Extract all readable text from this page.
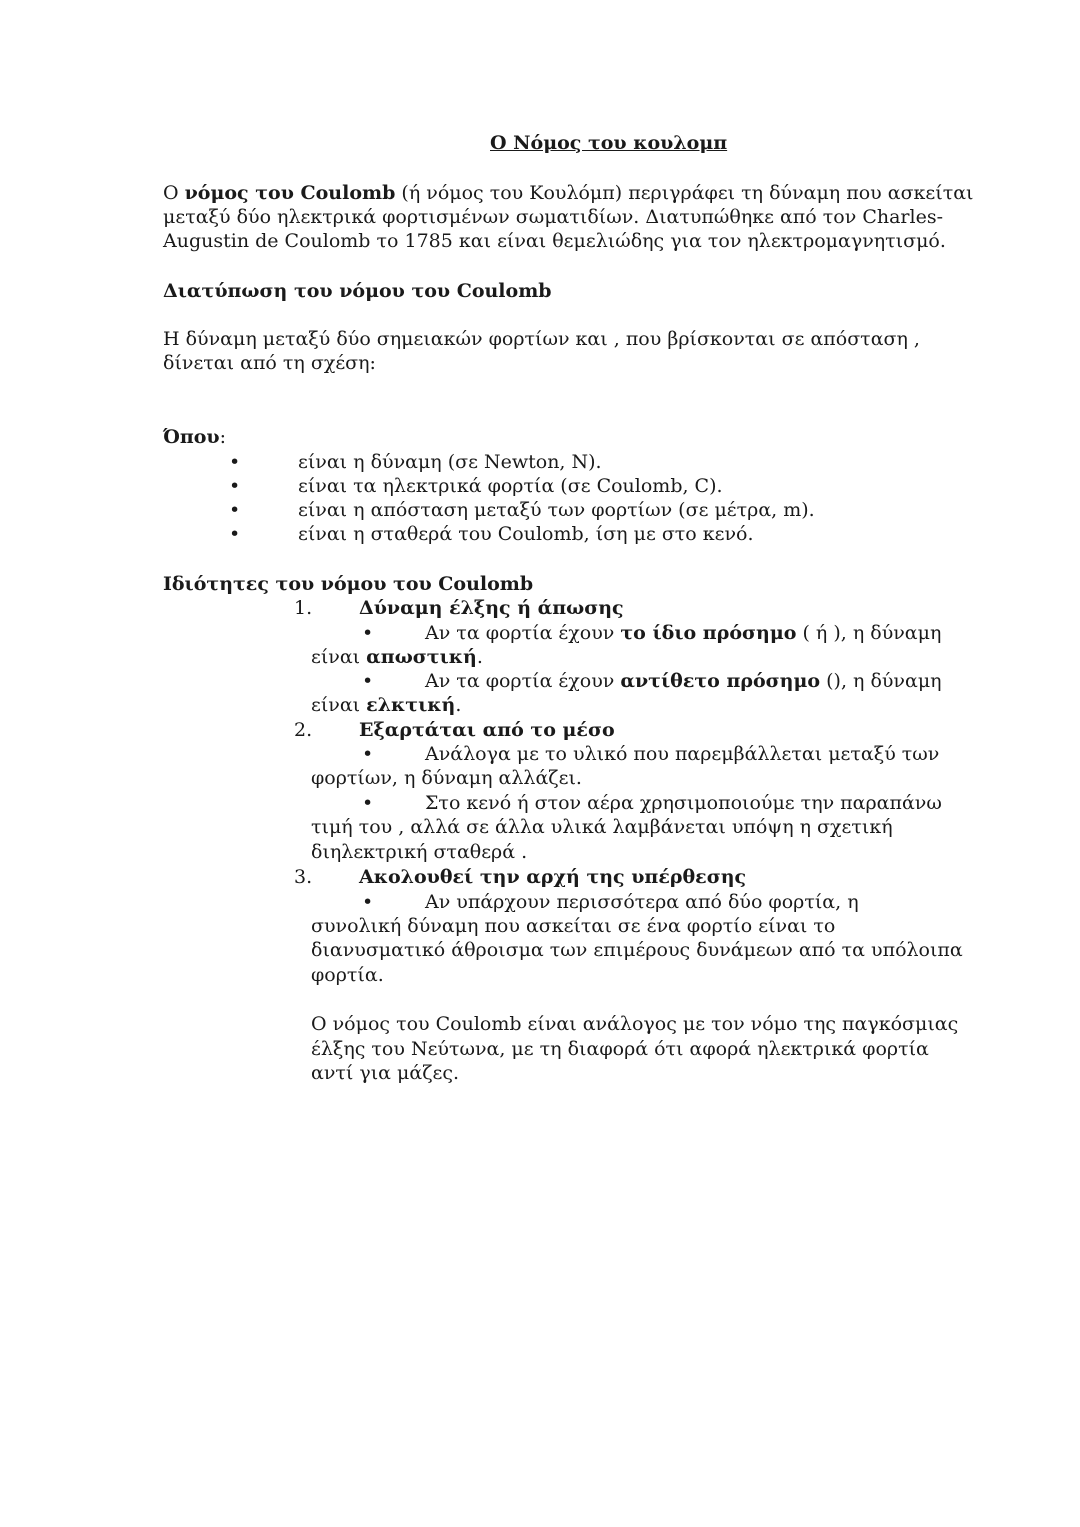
Ο Νόμος του κουλομπ
Ο νόμος του Coulomb (ή νόμος του Κουλόμπ) περιγράφει τη δύναμη που ασκείται
μεταξύ δύο ηλεκτρικά φορτισμένων σωματιδίων. Διατυπώθηκε από τον Charles-
Augustin de Coulomb το 1785 και είναι θεμελιώδης για τον ηλεκτρομαγνητισμό.
Διατύπωση του νόμου του Coulomb
Η δύναμη μεταξύ δύο σημειακών φορτίων και , που βρίσκονται σε απόσταση ,
δίνεται από τη σχέση:
Όπου:
•	είναι η δύναμη (σε Newton, N).
•	είναι τα ηλεκτρικά φορτία (σε Coulomb, C).
•	είναι η απόσταση μεταξύ των φορτίων (σε μέτρα, m).
•	είναι η σταθερά του Coulomb, ίση με στο κενό.
Ιδιότητες του νόμου του Coulomb
1. Δύναμη έλξης ή άπωσης
•	Αν τα φορτία έχουν το ίδιο πρόσημο ( ή ), η δύναμη
είναι απωστική.
•	Αν τα φορτία έχουν αντίθετο πρόσημο (), η δύναμη
είναι ελκτική.
2. Εξαρτάται από το μέσο
•	Ανάλογα με το υλικό που παρεμβάλλεται μεταξύ των
φορτίων, η δύναμη αλλάζει.
•	Στο κενό ή στον αέρα χρησιμοποιούμε την παραπάνω
τιμή του , αλλά σε άλλα υλικά λαμβάνεται υπόψη η σχετική
διηλεκτρική σταθερά .
3. Ακολουθεί την αρχή της υπέρθεσης
•	Αν υπάρχουν περισσότερα από δύο φορτία, η
συνολική δύναμη που ασκείται σε ένα φορτίο είναι το
διανυσματικό άθροισμα των επιμέρους δυνάμεων από τα υπόλοιπα
φορτία.
Ο νόμος του Coulomb είναι ανάλογος με τον νόμο της παγκόσμιας
έλξης του Νεύτωνα, με τη διαφορά ότι αφορά ηλεκτρικά φορτία
αντί για μάζες.
